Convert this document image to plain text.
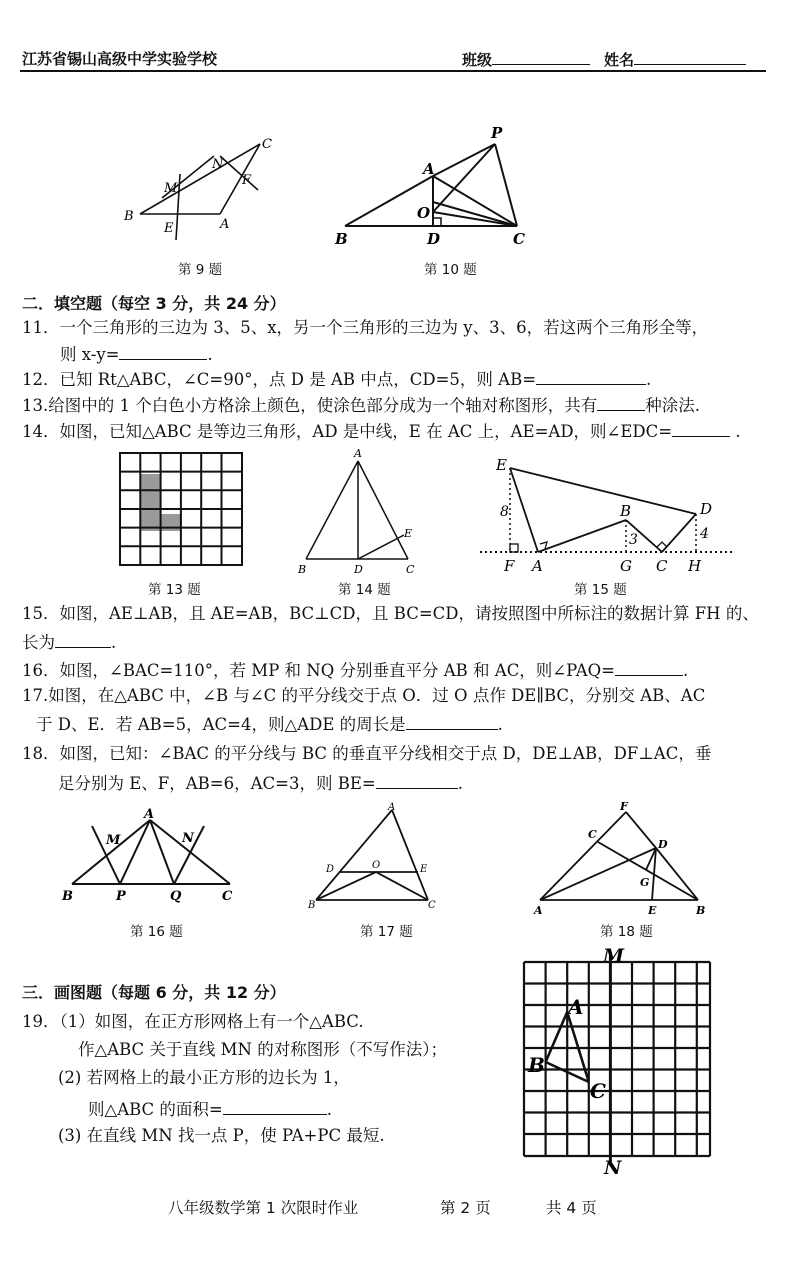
江苏省锡山高级中学实验学校	班级	姓名
B
M
N
C
F
E	A
第 9 题
P
A
O
B	D	C
第 10 题
二．填空题（每空 3 分，共 24 分）
11．一个三角形的三边为 3、5、x，另一个三角形的三边为 y、3、6，若这两个三角形全等，
则 x-y=	.
12．已知 Rt△ABC，∠C=90°，点 D 是 AB 中点，CD=5，则 AB=	.
13.给图中的 1 个白色小方格涂上颜色，使涂色部分成为一个轴对称图形，共有	种涂法.
14．如图，已知△ABC 是等边三角形，AD 是中线，E 在 AC 上，AE=AD，则∠EDC=	.
第 13 题
A
E
B	D	C
第 14 题
E
8	B
3
D
4
F A	G C H
第 15 题
15．如图，AE⊥AB，且 AE=AB，BC⊥CD，且 BC=CD，请按照图中所标注的数据计算 FH 的、
长为	.
16．如图，∠BAC=110°，若 MP 和 NQ 分别垂直平分 AB 和 AC，则∠PAQ=	.
17.如图，在△ABC 中，∠B 与∠C 的平分线交于点 O．过 O 点作 DE∥BC，分别交 AB、AC
于 D、E．若 AB=5，AC=4，则△ADE 的周长是	.
18．如图，已知：∠BAC 的平分线与 BC 的垂直平分线相交于点 D，DE⊥AB，DF⊥AC，垂
足分别为 E、F，AB=6，AC=3，则 BE=	.
A
M	N
B	P	Q	C
第 16 题
A
D	O	E
B	C
第 17 题
F
C
D
G
A	E	B
第 18 题
三．画图题（每题 6 分，共 12 分）
19．（1）如图，在正方形网格上有一个△ABC.
作△ABC 关于直线 MN 的对称图形（不写作法）；
(2) 若网格上的最小正方形的边长为 1，
则△ABC 的面积=	.
(3) 在直线 MN 找一点 P，使 PA+PC 最短.
M
N
A
B
C
八年级数学第 1 次限时作业	第 2 页	共 4 页
